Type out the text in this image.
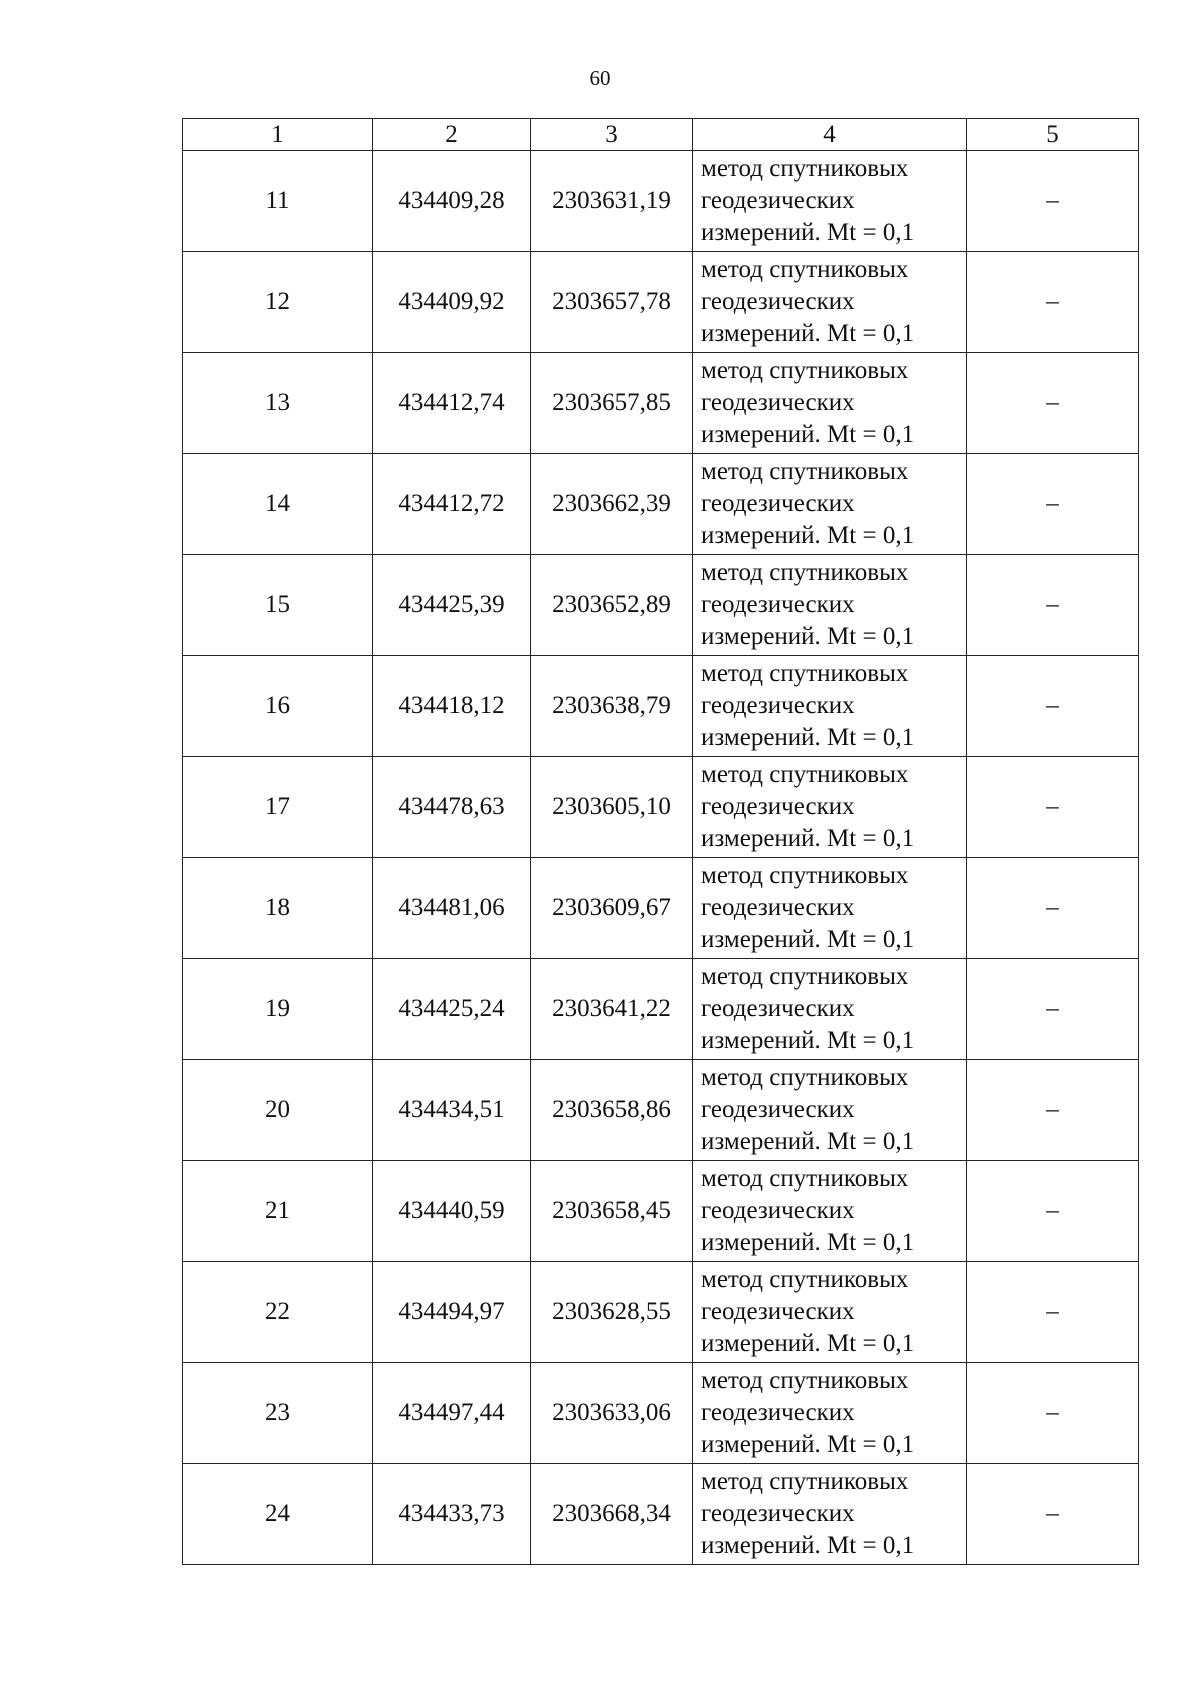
60
1	2	3	4	5
11	434409,28	2303631,19	метод спутниковых
геодезических
измерений. Mt = 0,1	–
12	434409,92	2303657,78	метод спутниковых
геодезических
измерений. Mt = 0,1	–
13	434412,74	2303657,85	метод спутниковых
геодезических
измерений. Mt = 0,1	–
14	434412,72	2303662,39	метод спутниковых
геодезических
измерений. Mt = 0,1	–
15	434425,39	2303652,89	метод спутниковых
геодезических
измерений. Mt = 0,1	–
16	434418,12	2303638,79	метод спутниковых
геодезических
измерений. Mt = 0,1	–
17	434478,63	2303605,10	метод спутниковых
геодезических
измерений. Mt = 0,1	–
18	434481,06	2303609,67	метод спутниковых
геодезических
измерений. Mt = 0,1	–
19	434425,24	2303641,22	метод спутниковых
геодезических
измерений. Mt = 0,1	–
20	434434,51	2303658,86	метод спутниковых
геодезических
измерений. Mt = 0,1	–
21	434440,59	2303658,45	метод спутниковых
геодезических
измерений. Mt = 0,1	–
22	434494,97	2303628,55	метод спутниковых
геодезических
измерений. Mt = 0,1	–
23	434497,44	2303633,06	метод спутниковых
геодезических
измерений. Mt = 0,1	–
24	434433,73	2303668,34	метод спутниковых
геодезических
измерений. Mt = 0,1	–
